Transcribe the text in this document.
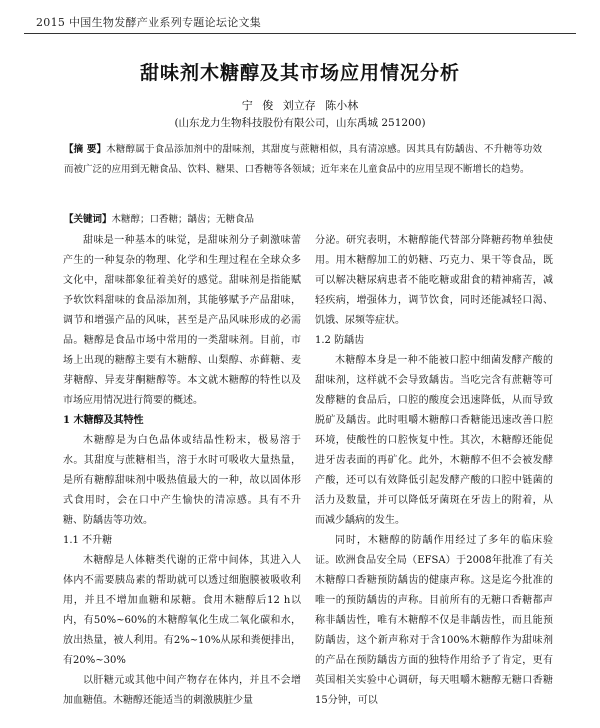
2015 中国生物发酵产业系列专题论坛论文集
甜味剂木糖醇及其市场应用情况分析
宁 俊 刘立存 陈小林
(山东龙力生物科技股份有限公司，山东禹城 251200)
【摘 要】木糖醇属于食品添加剂中的甜味剂，其甜度与蔗糖相似，具有清凉感。因其具有防龋齿、不升糖等功效而被广泛的应用到无糖食品、饮料、糖果、口香糖等各领域；近年来在儿童食品中的应用呈现不断增长的趋势。
【关键词】木糖醇；口香糖；龋齿；无糖食品

甜味是一种基本的味觉，是甜味剂分子刺激味蕾产生的一种复杂的物理、化学和生理过程在全球众多文化中，甜味都象征着美好的感觉。甜味剂是指能赋予软饮料甜味的食品添加剂，其能够赋予产品甜味，调节和增强产品的风味，甚至是产品风味形成的必需品。糖醇是食品市场中常用的一类甜味剂。目前，市场上出现的糖醇主要有木糖醇、山梨醇、赤藓糖、麦芽糖醇、异麦芽酮糖醇等。本文就木糖醇的特性以及市场应用情况进行简要的概述。

1 木糖醇及其特性

木糖醇是为白色晶体或结晶性粉末，极易溶于水。其甜度与蔗糖相当，溶于水时可吸收大量热量，是所有糖醇甜味剂中吸热值最大的一种，故以固体形式食用时，会在口中产生愉快的清凉感。具有不升糖、防龋齿等功效。

1.1 不升糖

木糖醇是人体糖类代谢的正常中间体，其进入人体内不需要胰岛素的帮助就可以透过细胞膜被吸收利用，并且不增加血糖和尿糖。食用木糖醇后12 h以内，有50%~60%的木糖醇氧化生成二氧化碳和水，放出热量，被人利用。有2%~10%从尿和粪便排出，有20%~30%

以肝糖元或其他中间产物存在体内，并且不会增加血糖值。木糖醇还能适当的刺激胰脏少量

分泌。研究表明，木糖醇能代替部分降糖药物单独使用。用木糖醇加工的奶糖、巧克力、果干等食品，既可以解决糖尿病患者不能吃糖或甜食的精神痛苦，减轻疾病，增强体力，调节饮食，同时还能减轻口渴、饥饿、尿频等症状。

1.2 防龋齿

木糖醇本身是一种不能被口腔中细菌发酵产酸的甜味剂，这样就不会导致龋齿。当吃完含有蔗糖等可发酵糖的食品后，口腔的酸度会迅速降低，从而导致脱矿及龋齿。此时咀嚼木糖醇口香糖能迅速改善口腔环境，使酸性的口腔恢复中性。其次，木糖醇还能促进牙齿表面的再矿化。此外，木糖醇不但不会被发酵产酸，还可以有效降低引起发酵产酸的口腔中链菌的活力及数量，并可以降低牙菌斑在牙齿上的附着，从而减少龋病的发生。

同时，木糖醇的防龋作用经过了多年的临床验证。欧洲食品安全局（EFSA）于2008年批准了有关木糖醇口香糖预防龋齿的健康声称。这是迄今批准的唯一的预防龋齿的声称。目前所有的无糖口香糖都声称非龋齿性，唯有木糖醇不仅是非龋齿性，而且能预防龋齿，这个新声称对于含100%木糖醇作为甜味剂的产品在预防龋齿方面的独特作用给予了肯定，更有英国相关实验中心调研，每天咀嚼木糖醇无糖口香糖15分钟，可以
